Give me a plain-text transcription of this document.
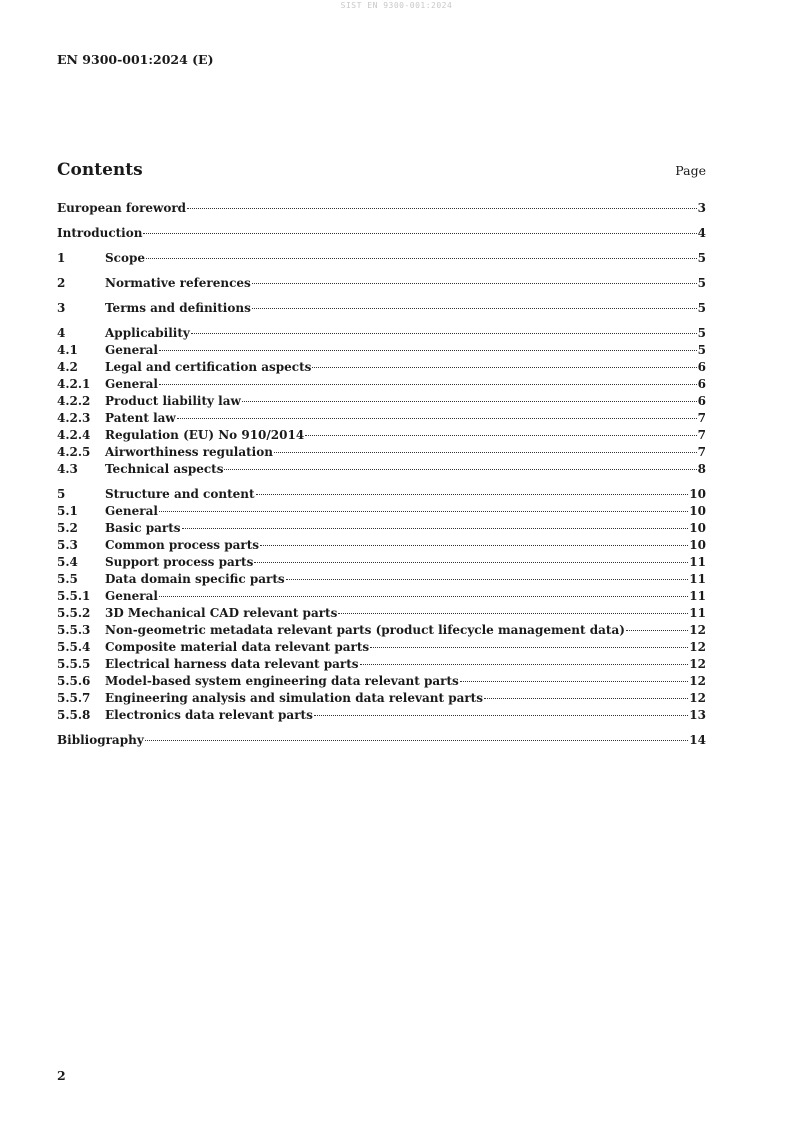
SIST EN 9300-001:2024
EN 9300-001:2024 (E)
Contents	Page
European foreword	3
Introduction	4
1	Scope	5
2	Normative references	5
3	Terms and definitions	5
4	Applicability	5
4.1	General	5
4.2	Legal and certification aspects	6
4.2.1	General	6
4.2.2	Product liability law	6
4.2.3	Patent law	7
4.2.4	Regulation (EU) No 910/2014	7
4.2.5	Airworthiness regulation	7
4.3	Technical aspects	8
5	Structure and content	10
5.1	General	10
5.2	Basic parts	10
5.3	Common process parts	10
5.4	Support process parts	11
5.5	Data domain specific parts	11
5.5.1	General	11
5.5.2	3D Mechanical CAD relevant parts	11
5.5.3	Non-geometric metadata relevant parts (product lifecycle management data)	12
5.5.4	Composite material data relevant parts	12
5.5.5	Electrical harness data relevant parts	12
5.5.6	Model-based system engineering data relevant parts	12
5.5.7	Engineering analysis and simulation data relevant parts	12
5.5.8	Electronics data relevant parts	13
Bibliography	14
2
